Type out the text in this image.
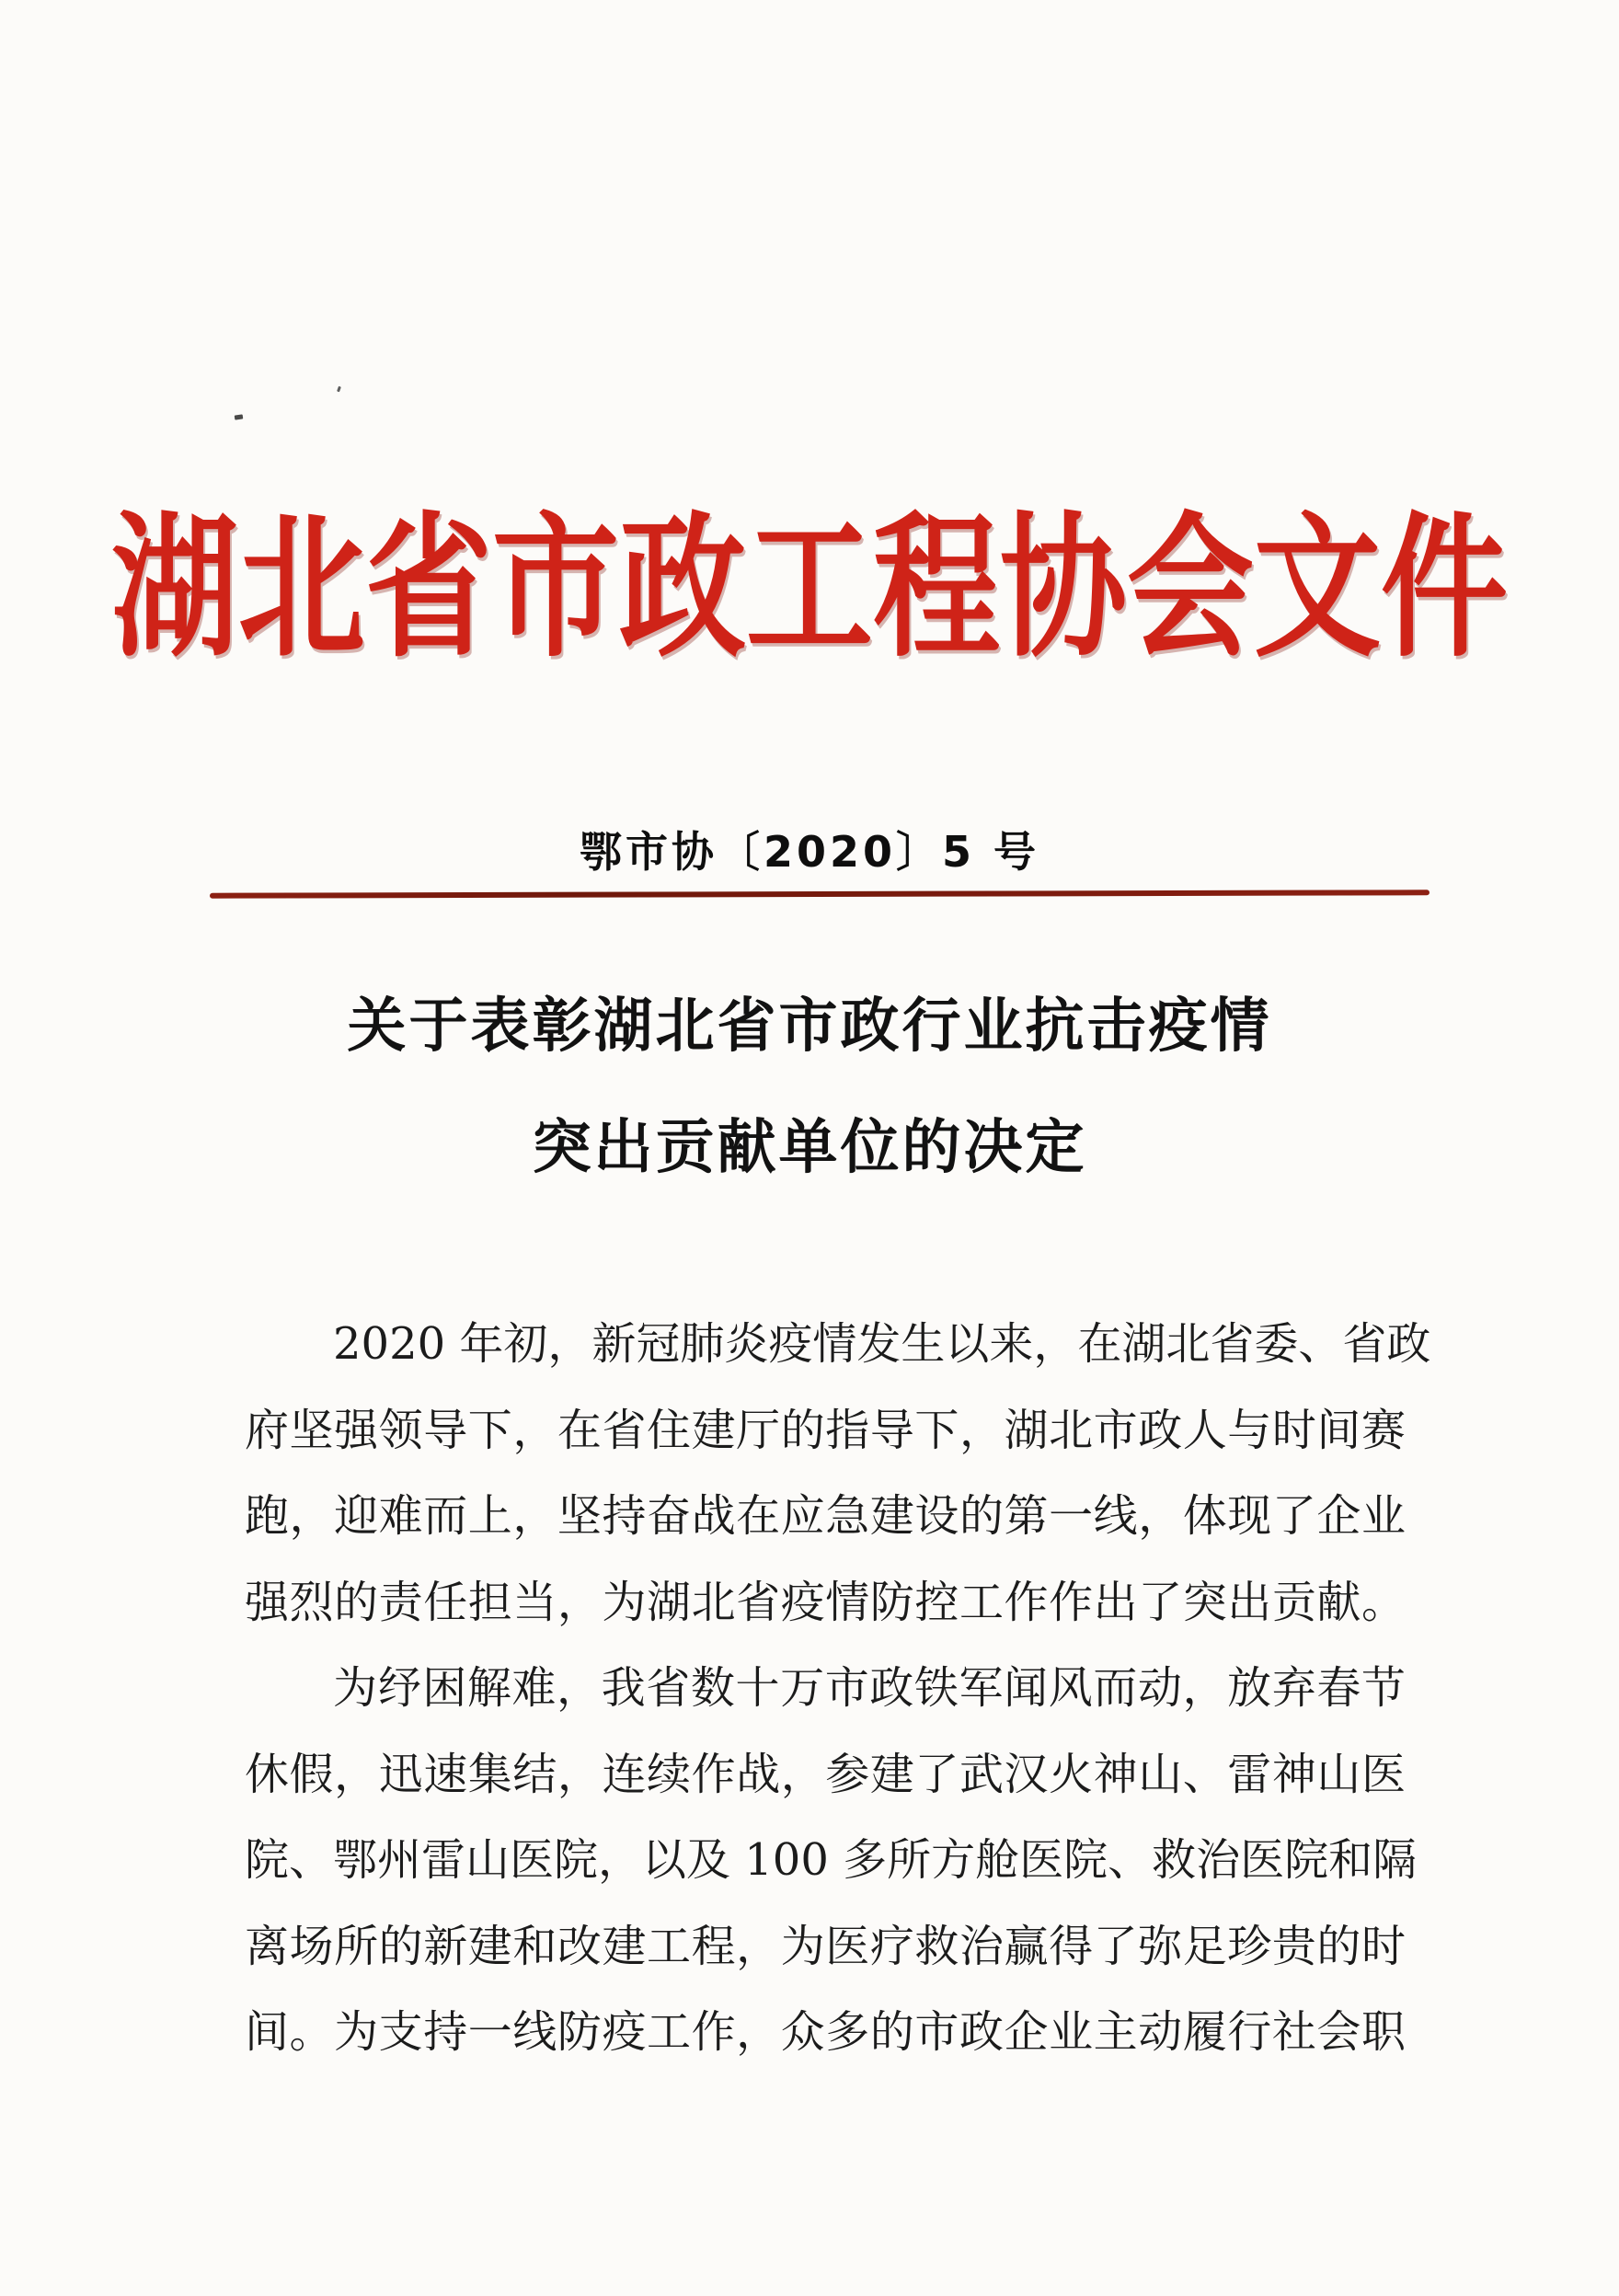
湖北省市政工程协会文件
鄂市协〔2020〕5 号
关于表彰湖北省市政行业抗击疫情
突出贡献单位的决定
2020 年初，新冠肺炎疫情发生以来，在湖北省委、省政
府坚强领导下，在省住建厅的指导下，湖北市政人与时间赛
跑，迎难而上，坚持奋战在应急建设的第一线，体现了企业
强烈的责任担当，为湖北省疫情防控工作作出了突出贡献。
为纾困解难，我省数十万市政铁军闻风而动，放弃春节
休假，迅速集结，连续作战，参建了武汉火神山、雷神山医
院、鄂州雷山医院，以及 100 多所方舱医院、救治医院和隔
离场所的新建和改建工程，为医疗救治赢得了弥足珍贵的时
间。为支持一线防疫工作，众多的市政企业主动履行社会职
